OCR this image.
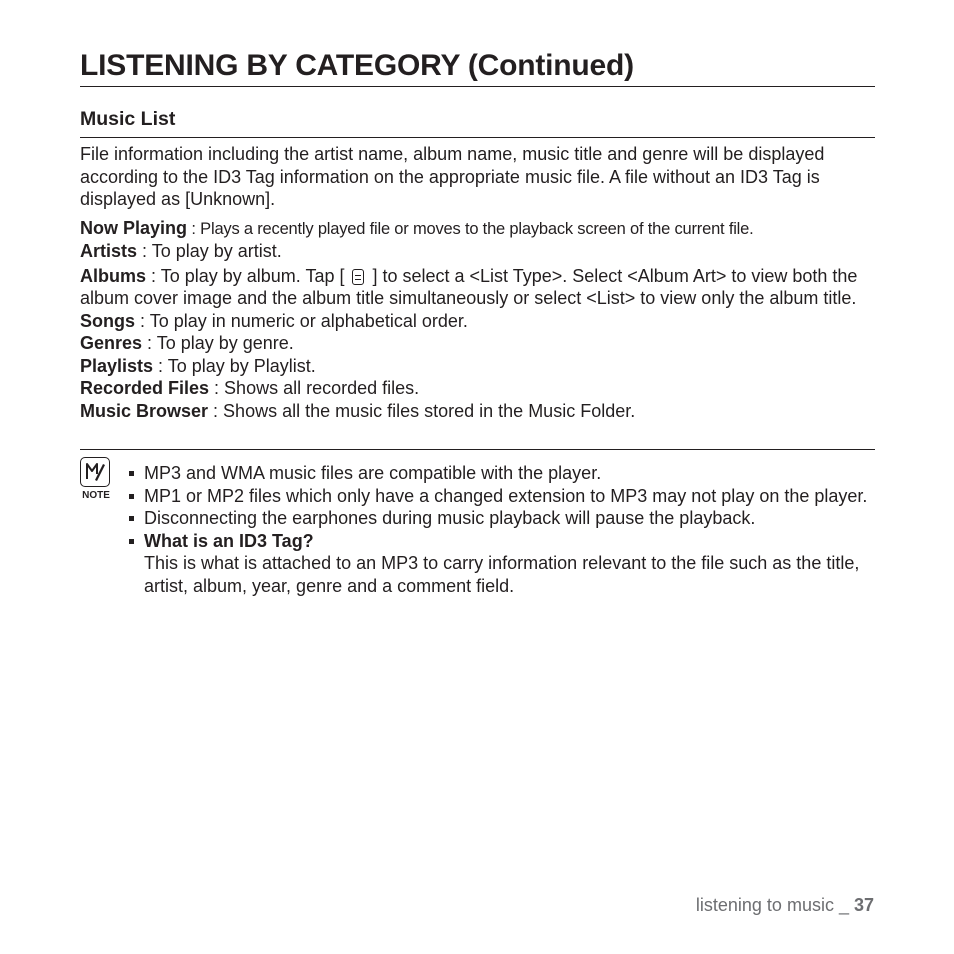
LISTENING BY CATEGORY (Continued)
Music List

File information including the artist name, album name, music title and genre will be displayed according to the ID3 Tag information on the appropriate music file. A file without an ID3 Tag is displayed as [Unknown].

Now Playing : Plays a recently played file or moves to the playback screen of the current file.

Artists : To play by artist.

Albums : To play by album. Tap [  ] to select a <List Type>. Select <Album Art> to view both the album cover image and the album title simultaneously or select <List> to view only the album title.

Songs : To play in numeric or alphabetical order.

Genres : To play by genre.

Playlists : To play by Playlist.

Recorded Files : Shows all recorded files.

Music Browser : Shows all the music files stored in the Music Folder.

NOTE
MP3 and WMA music files are compatible with the player.
MP1 or MP2 files which only have a changed extension to MP3 may not play on the player.
Disconnecting the earphones during music playback will pause the playback.
What is an ID3 Tag?
This is what is attached to an MP3 to carry information relevant to the file such as the title, artist, album, year, genre and a comment field.
listening to music _ 37
